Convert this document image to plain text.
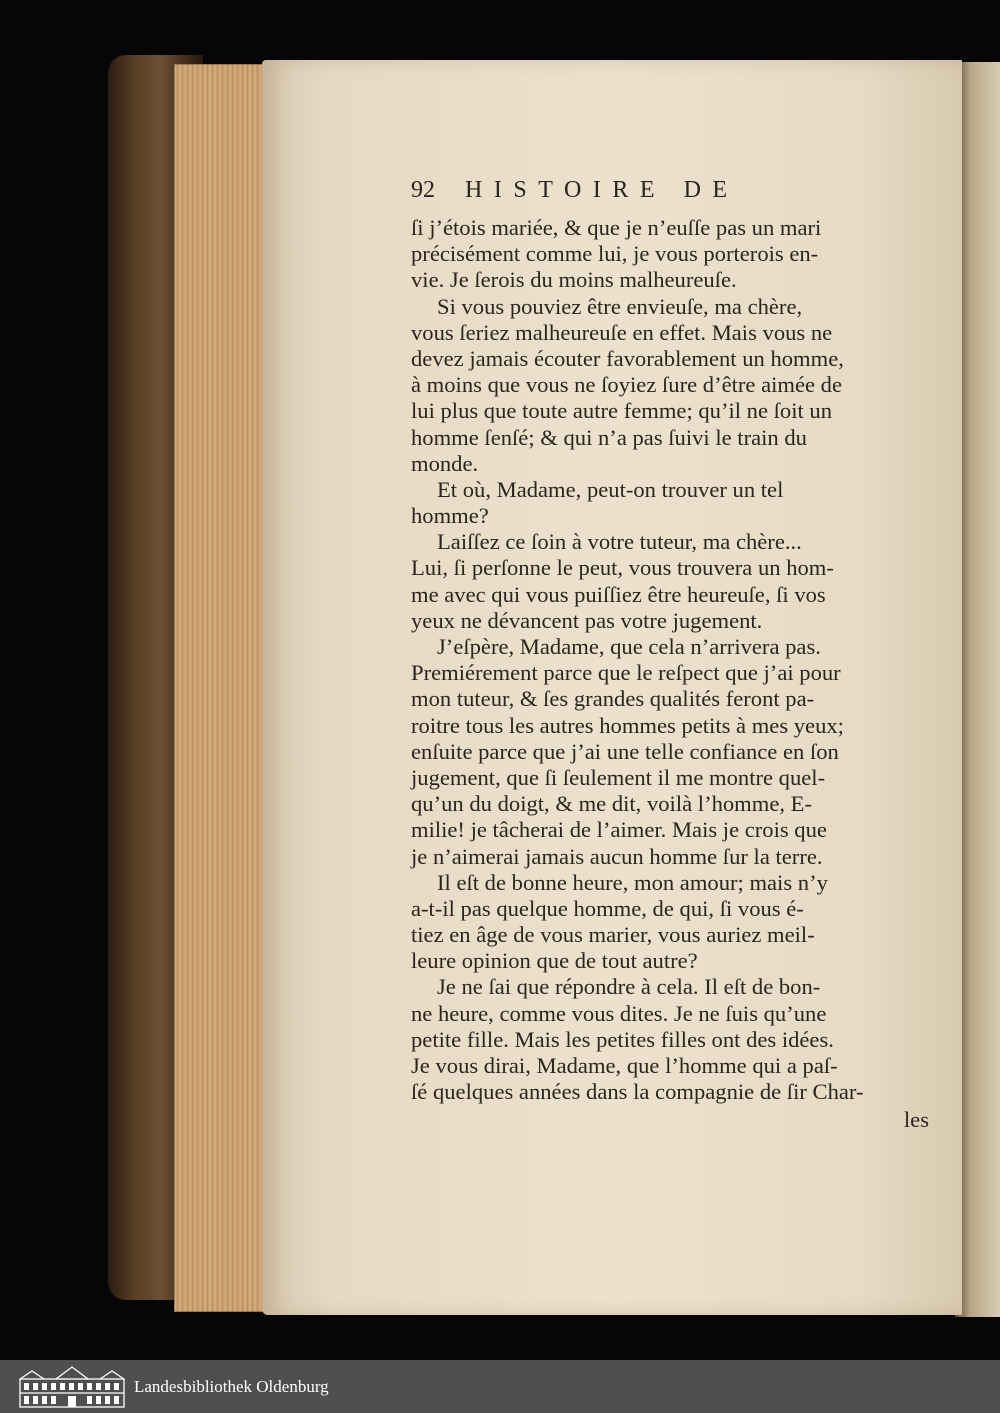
92 HISTOIRE DE
ſi j’étois mariée, & que je n’euſſe pas un mari
précisément comme lui, je vous porterois en-
vie. Je ſerois du moins malheureuſe.
Si vous pouviez être envieuſe, ma chère,
vous ſeriez malheureuſe en effet. Mais vous ne
devez jamais écouter favorablement un homme,
à moins que vous ne ſoyiez ſure d’être aimée de
lui plus que toute autre femme; qu’il ne ſoit un
homme ſenſé; & qui n’a pas ſuivi le train du
monde.
Et où, Madame, peut-on trouver un tel
homme?
Laiſſez ce ſoin à votre tuteur, ma chère...
Lui, ſi perſonne le peut, vous trouvera un hom-
me avec qui vous puiſſiez être heureuſe, ſi vos
yeux ne dévancent pas votre jugement.
J’eſpère, Madame, que cela n’arrivera pas.
Premiérement parce que le reſpect que j’ai pour
mon tuteur, & ſes grandes qualités feront pa-
roitre tous les autres hommes petits à mes yeux;
enſuite parce que j’ai une telle confiance en ſon
jugement, que ſi ſeulement il me montre quel-
qu’un du doigt, & me dit, voilà l’homme, E-
milie! je tâcherai de l’aimer. Mais je crois que
je n’aimerai jamais aucun homme ſur la terre.
Il eſt de bonne heure, mon amour; mais n’y
a-t-il pas quelque homme, de qui, ſi vous é-
tiez en âge de vous marier, vous auriez meil-
leure opinion que de tout autre?
Je ne ſai que répondre à cela. Il eſt de bon-
ne heure, comme vous dites. Je ne ſuis qu’une
petite fille. Mais les petites filles ont des idées.
Je vous dirai, Madame, que l’homme qui a paſ-
ſé quelques années dans la compagnie de ſir Char-
les
Landesbibliothek Oldenburg
